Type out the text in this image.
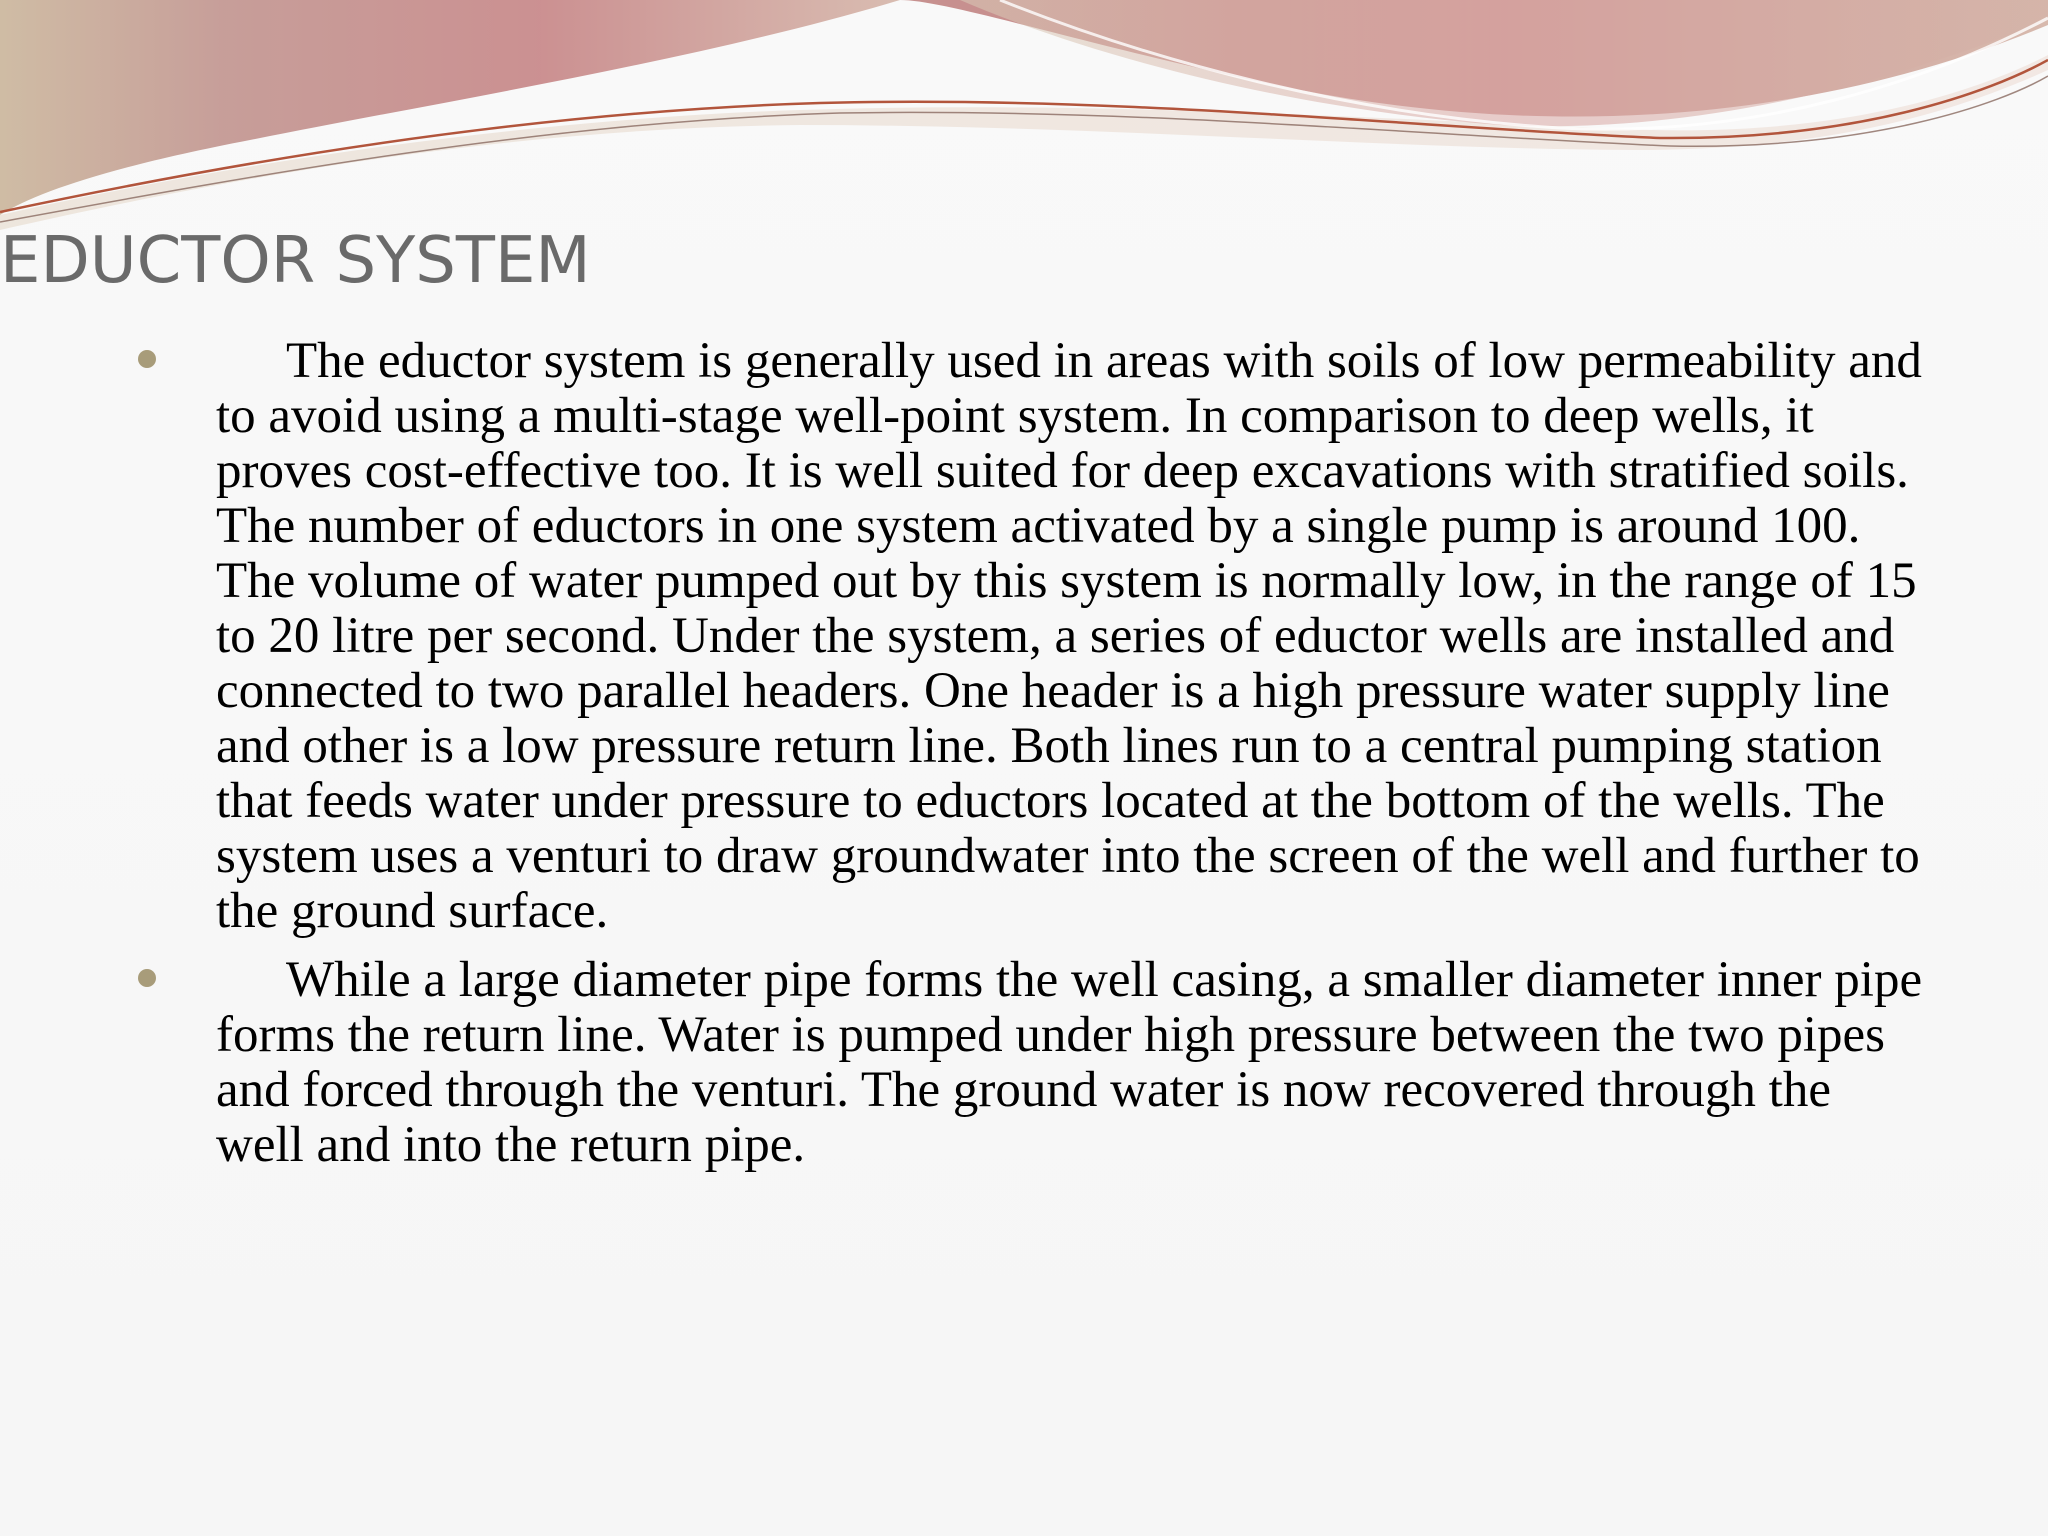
EDUCTOR SYSTEM
The eductor system is generally used in areas with soils of low permeability and to avoid using a multi-stage well-point system. In comparison to deep wells, it proves cost-effective too. It is well suited for deep excavations with stratified soils. The number of eductors in one system activated by a single pump is around 100. The volume of water pumped out by this system is normally low, in the range of 15 to 20 litre per second. Under the system, a series of eductor wells are installed and connected to two parallel headers. One header is a high pressure water supply line and other is a low pressure return line. Both lines run to a central pumping station that feeds water under pressure to eductors located at the bottom of the wells. The system uses a venturi to draw groundwater into the screen of the well and further to the ground surface.
While a large diameter pipe forms the well casing, a smaller diameter inner pipe forms the return line. Water is pumped under high pressure between the two pipes and forced through the venturi. The ground water is now recovered through the well and into the return pipe.
